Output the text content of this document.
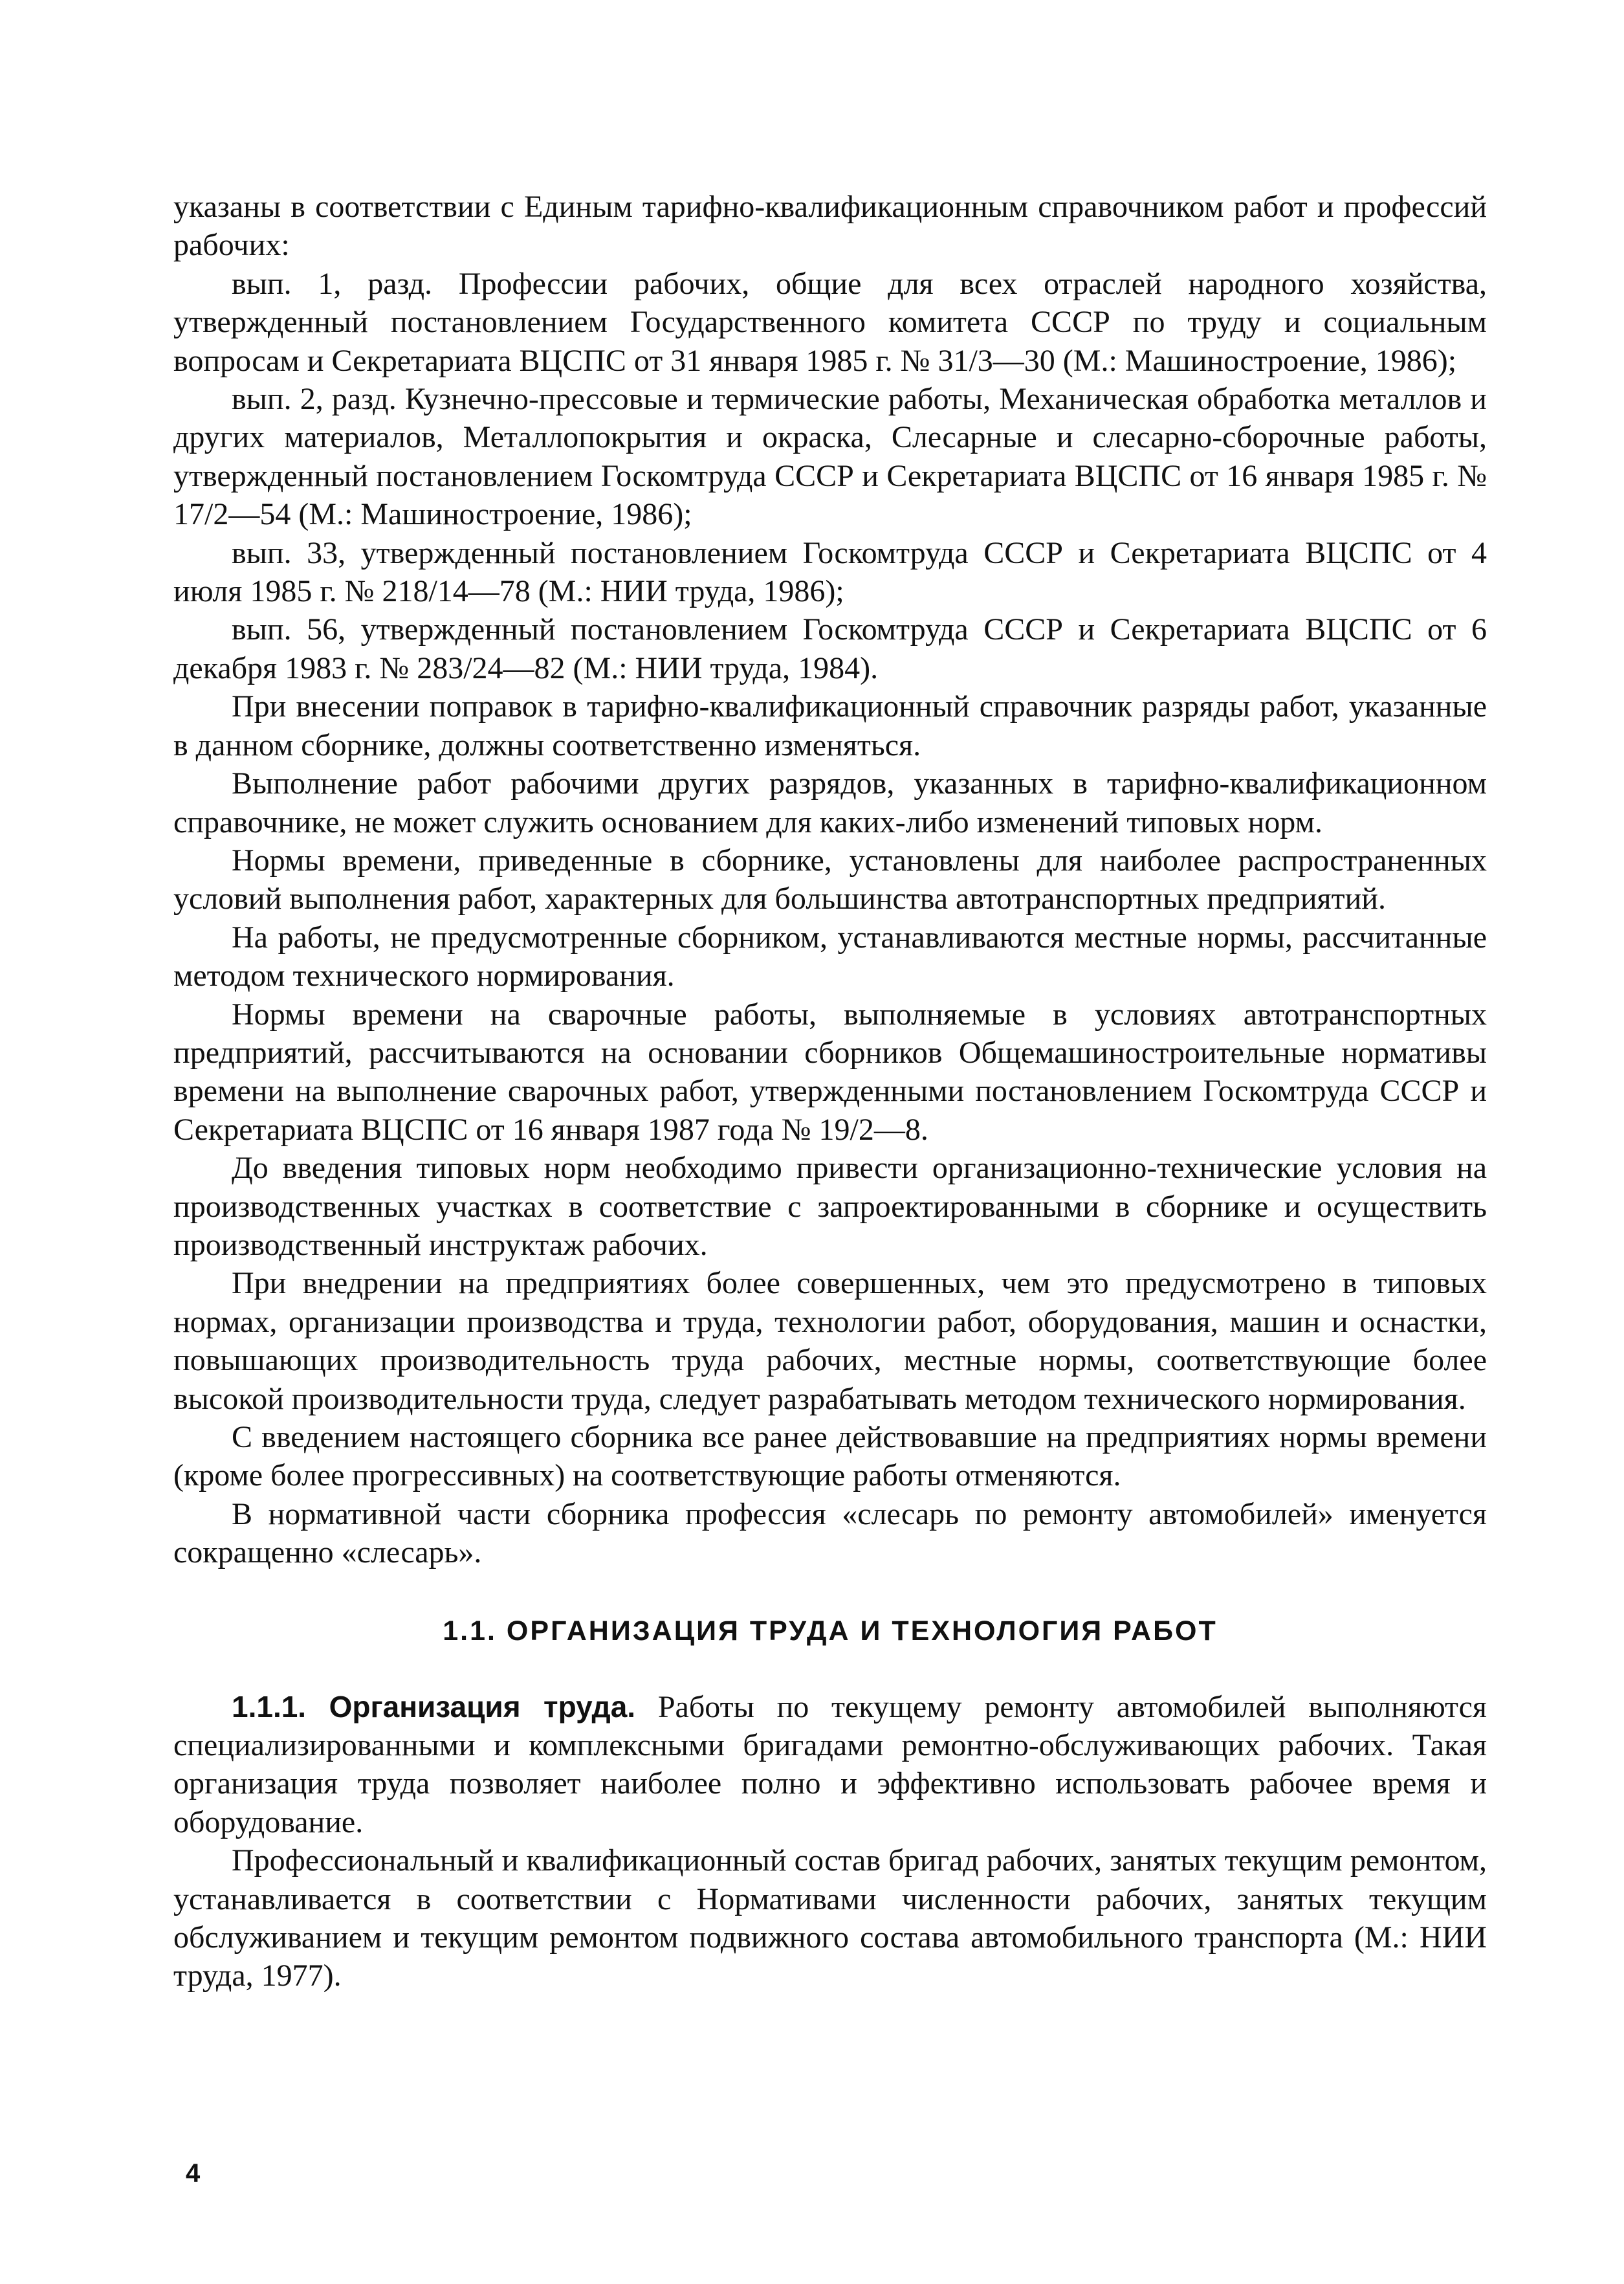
указаны в соответствии с Единым тарифно-квалификационным справочником работ и профессий рабочих:

вып. 1, разд. Профессии рабочих, общие для всех отраслей народного хозяйства, утвержденный постановлением Государственного комитета СССР по труду и социальным вопросам и Секретариата ВЦСПС от 31 января 1985 г. № 31/3—30 (М.: Машиностроение, 1986);

вып. 2, разд. Кузнечно-прессовые и термические работы, Механическая обработка металлов и других материалов, Металлопокрытия и окраска, Слесарные и слесарно-сборочные работы, утвержденный постановлением Госкомтруда СССР и Секретариата ВЦСПС от 16 января 1985 г. № 17/2—54 (М.: Машиностроение, 1986);

вып. 33, утвержденный постановлением Госкомтруда СССР и Секретариата ВЦСПС от 4 июля 1985 г. № 218/14—78 (М.: НИИ труда, 1986);

вып. 56, утвержденный постановлением Госкомтруда СССР и Секретариата ВЦСПС от 6 декабря 1983 г. № 283/24—82 (М.: НИИ труда, 1984).

При внесении поправок в тарифно-квалификационный справочник разряды работ, указанные в данном сборнике, должны соответственно изменяться.

Выполнение работ рабочими других разрядов, указанных в тарифно-квалификационном справочнике, не может служить основанием для каких-либо изменений типовых норм.

Нормы времени, приведенные в сборнике, установлены для наиболее распространенных условий выполнения работ, характерных для большинства автотранспортных предприятий.

На работы, не предусмотренные сборником, устанавливаются местные нормы, рассчитанные методом технического нормирования.

Нормы времени на сварочные работы, выполняемые в условиях автотранспортных предприятий, рассчитываются на основании сборников Общемашиностроительные нормативы времени на выполнение сварочных работ, утвержденными постановлением Госкомтруда СССР и Секретариата ВЦСПС от 16 января 1987 года № 19/2—8.

До введения типовых норм необходимо привести организационно-технические условия на производственных участках в соответствие с запроектированными в сборнике и осуществить производственный инструктаж рабочих.

При внедрении на предприятиях более совершенных, чем это предусмотрено в типовых нормах, организации производства и труда, технологии работ, оборудования, машин и оснастки, повышающих производительность труда рабочих, местные нормы, соответствующие более высокой производительности труда, следует разрабатывать методом технического нормирования.

С введением настоящего сборника все ранее действовавшие на предприятиях нормы времени (кроме более прогрессивных) на соответствующие работы отменяются.

В нормативной части сборника профессия «слесарь по ремонту автомобилей» именуется сокращенно «слесарь».

1.1. ОРГАНИЗАЦИЯ ТРУДА И ТЕХНОЛОГИЯ РАБОТ

1.1.1. Организация труда. Работы по текущему ремонту автомобилей выполняются специализированными и комплексными бригадами ремонтно-обслуживающих рабочих. Такая организация труда позволяет наиболее полно и эффективно использовать рабочее время и оборудование.

Профессиональный и квалификационный состав бригад рабочих, занятых текущим ремонтом, устанавливается в соответствии с Нормативами численности рабочих, занятых текущим обслуживанием и текущим ремонтом подвижного состава автомобильного транспорта (М.: НИИ труда, 1977).

4
